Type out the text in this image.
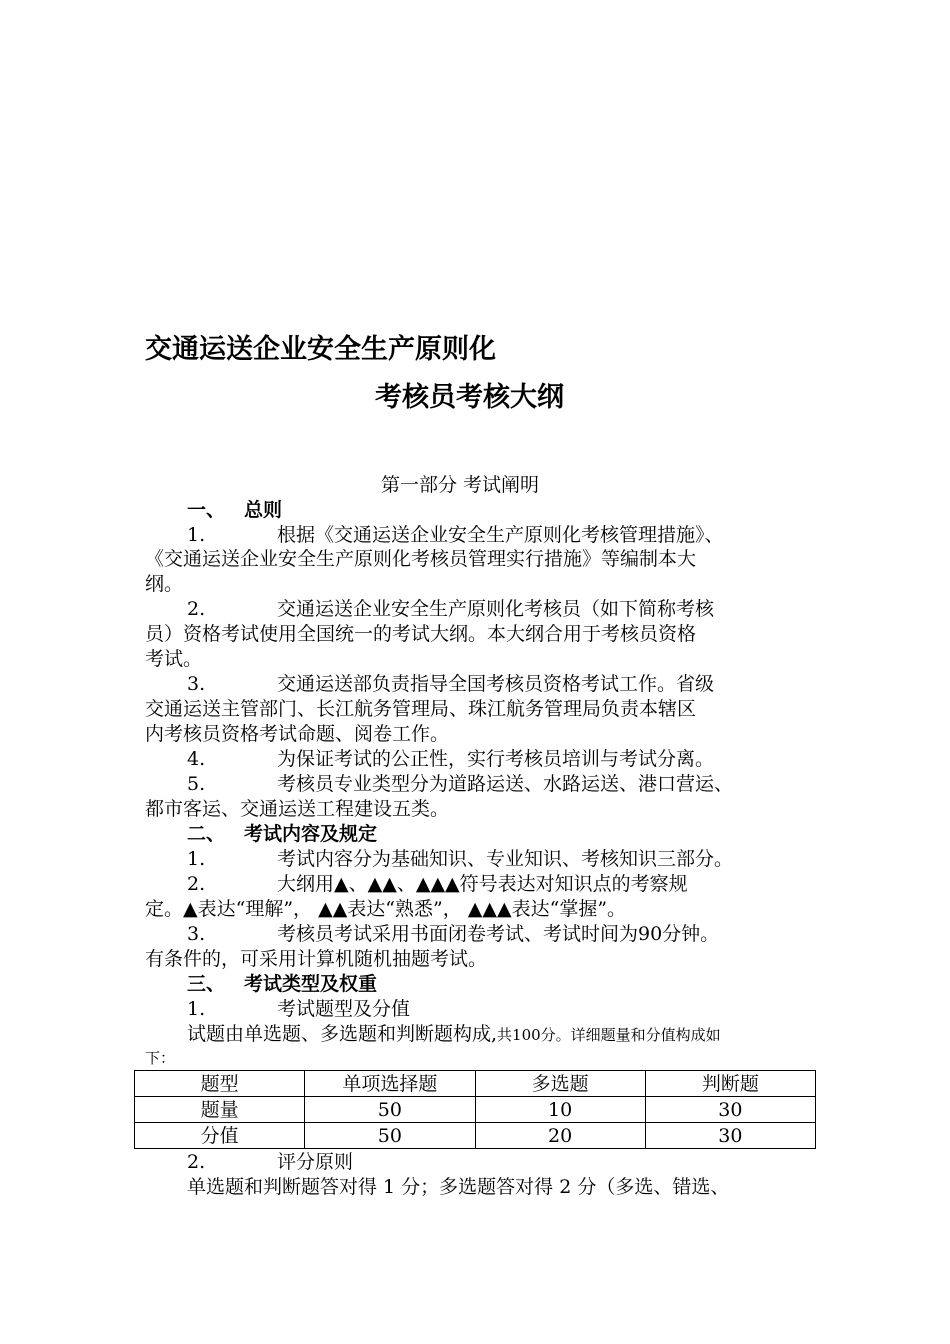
交通运送企业安全生产原则化
考核员考核大纲
第一部分 考试阐明
一、 总则
1.	根据《交通运送企业安全生产原则化考核管理措施》、
《交通运送企业安全生产原则化考核员管理实行措施》等编制本大
纲。
2.	交通运送企业安全生产原则化考核员（如下简称考核
员）资格考试使用全国统一的考试大纲。本大纲合用于考核员资格
考试。
3.	交通运送部负责指导全国考核员资格考试工作。省级
交通运送主管部门、长江航务管理局、珠江航务管理局负责本辖区
内考核员资格考试命题、阅卷工作。
4.	为保证考试的公正性，实行考核员培训与考试分离。
5.	考核员专业类型分为道路运送、水路运送、港口营运、
都市客运、交通运送工程建设五类。
二、 考试内容及规定
1.	考试内容分为基础知识、专业知识、考核知识三部分。
2.	大纲用▲、▲▲、▲▲▲符号表达对知识点的考察规
定。▲表达“理解”， ▲▲表达“熟悉”， ▲▲▲表达“掌握”。
3.	考核员考试采用书面闭卷考试、考试时间为90分钟。
有条件的，可采用计算机随机抽题考试。
三、 考试类型及权重
1.	考试题型及分值
试题由单选题、多选题和判断题构成,共100分。详细题量和分值构成如
下：
题型	单项选择题	多选题	判断题
题量	50	10	30
分值	50	20	30
2.	评分原则
单选题和判断题答对得 1 分；多选题答对得 2 分（多选、错选、
